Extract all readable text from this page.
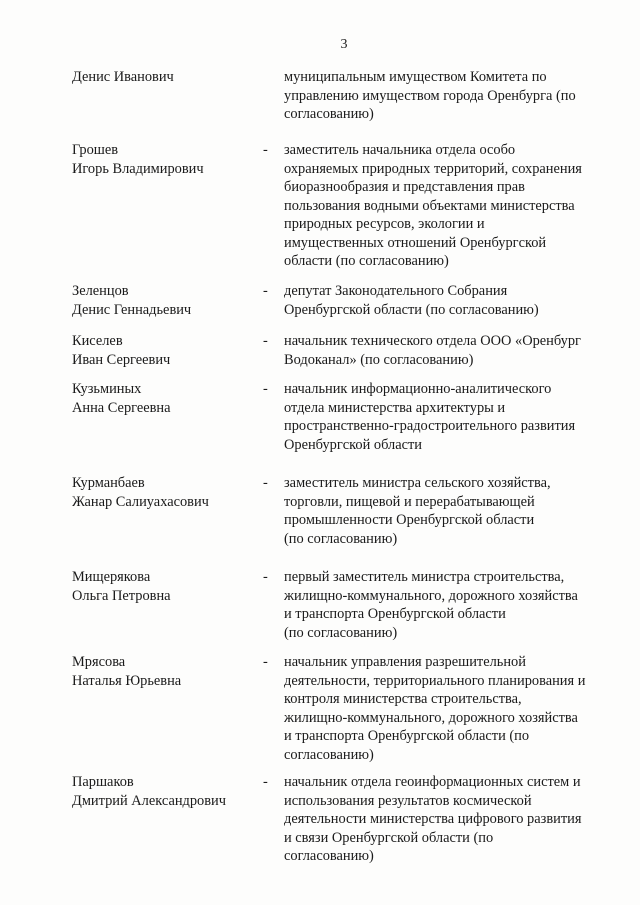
3
Денис Иванович	муниципальным имуществом Комитета по
управлению имуществом города Оренбурга (по
согласованию)
Грошев
Игорь Владимирович
- заместитель начальника отдела особо
охраняемых природных территорий, сохранения
биоразнообразия и представления прав
пользования водными объектами министерства
природных ресурсов, экологии и
имущественных отношений Оренбургской
области (по согласованию)
Зеленцов
Денис Геннадьевич
- депутат Законодательного Собрания
Оренбургской области (по согласованию)
Киселев
Иван Сергеевич
- начальник технического отдела ООО «Оренбург
Водоканал» (по согласованию)
Кузьминых
Анна Сергеевна
- начальник информационно-аналитического
отдела министерства архитектуры и
пространственно-градостроительного развития
Оренбургской области
Курманбаев
Жанар Салиуахасович
- заместитель министра сельского хозяйства,
торговли, пищевой и перерабатывающей
промышленности Оренбургской области
(по согласованию)
Мищерякова
Ольга Петровна
- первый заместитель министра строительства,
жилищно-коммунального, дорожного хозяйства
и транспорта Оренбургской области
(по согласованию)
Мрясова
Наталья Юрьевна
- начальник управления разрешительной
деятельности, территориального планирования и
контроля министерства строительства,
жилищно-коммунального, дорожного хозяйства
и транспорта Оренбургской области (по
согласованию)
Паршаков
Дмитрий Александрович
- начальник отдела геоинформационных систем и
использования результатов космической
деятельности министерства цифрового развития
и связи Оренбургской области (по
согласованию)
